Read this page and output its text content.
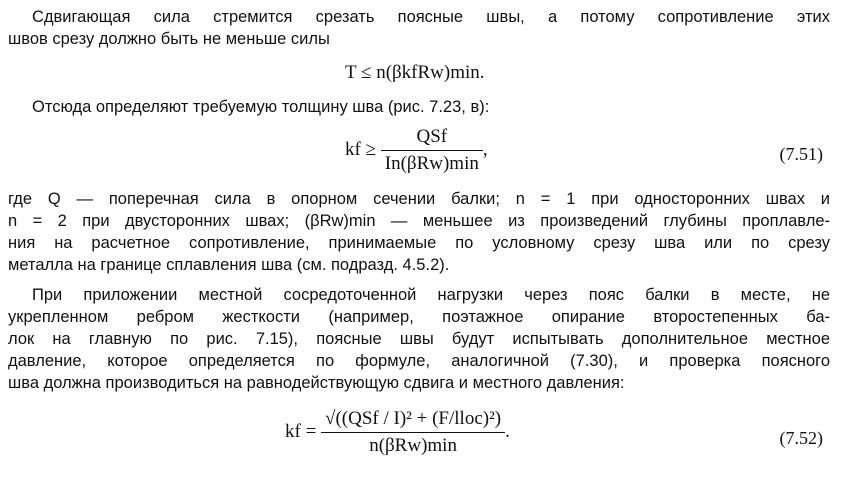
Сдвигающая сила стремится срезать поясные швы, а потому сопротивление этих
швов срезу должно быть не меньше силы
T ≤ n(βkfRw)min.
Отсюда определяют требуемую толщину шва (рис. 7.23, в):
kf ≥ $\frac{\text{QSf}}{\text{In(βRw)min}}$ ,	(7.51)
где Q — поперечная сила в опорном сечении балки; n = 1 при односторонних швах и
n = 2 при двусторонних швах; (βRw)min — меньшее из произведений глубины проплавле-
ния на расчетное сопротивление, принимаемые по условному срезу шва или по срезу
металла на границе сплавления шва (см. подразд. 4.5.2).
При приложении местной сосредоточенной нагрузки через пояс балки в месте, не
укрепленном ребром жесткости (например, поэтажное опирание второстепенных ба-
лок на главную по рис. 7.15), поясные швы будут испытывать дополнительное местное
давление, которое определяется по формуле, аналогичной (7.30), и проверка поясного
шва должна производиться на равнодействующую сдвига и местного давления:
kf = $\frac{\text{√((QSf / I)² + (F/lloc)²)}}{\text{n(βRw)min}}$ .	(7.52)
